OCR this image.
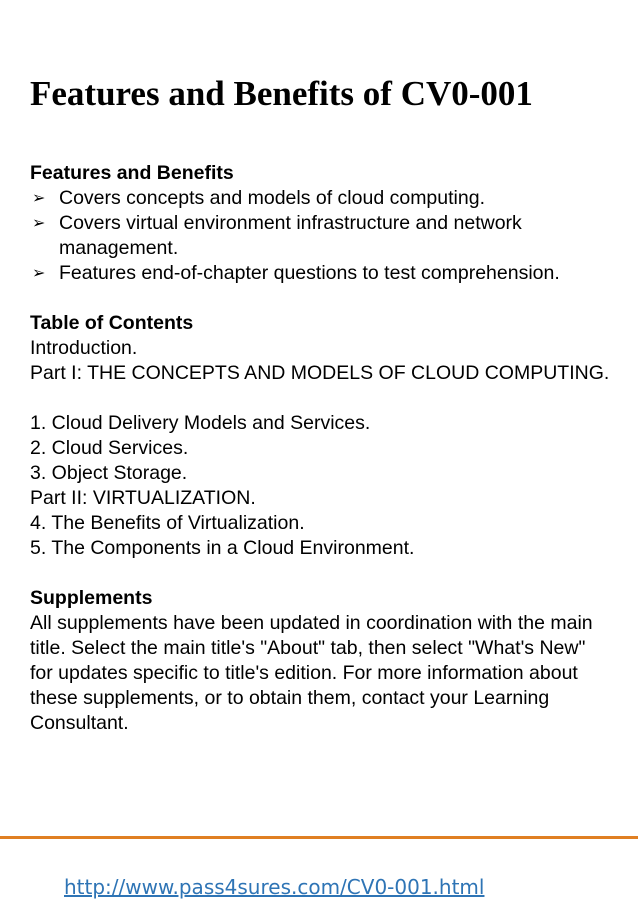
Features and Benefits of CV0-001

Features and Benefits

➢ Covers concepts and models of cloud computing.
➢ Covers virtual environment infrastructure and network management.
➢ Features end-of-chapter questions to test comprehension.

Table of Contents

Introduction.

Part I: THE CONCEPTS AND MODELS OF CLOUD COMPUTING.

1. Cloud Delivery Models and Services.

2. Cloud Services.

3. Object Storage.

Part II: VIRTUALIZATION.

4. The Benefits of Virtualization.

5. The Components in a Cloud Environment.

Supplements

All supplements have been updated in coordination with the main title. Select the main title's "About" tab, then select "What's New" for updates specific to title's edition. For more information about these supplements, or to obtain them, contact your Learning Consultant.

http://www.pass4sures.com/CV0-001.html
